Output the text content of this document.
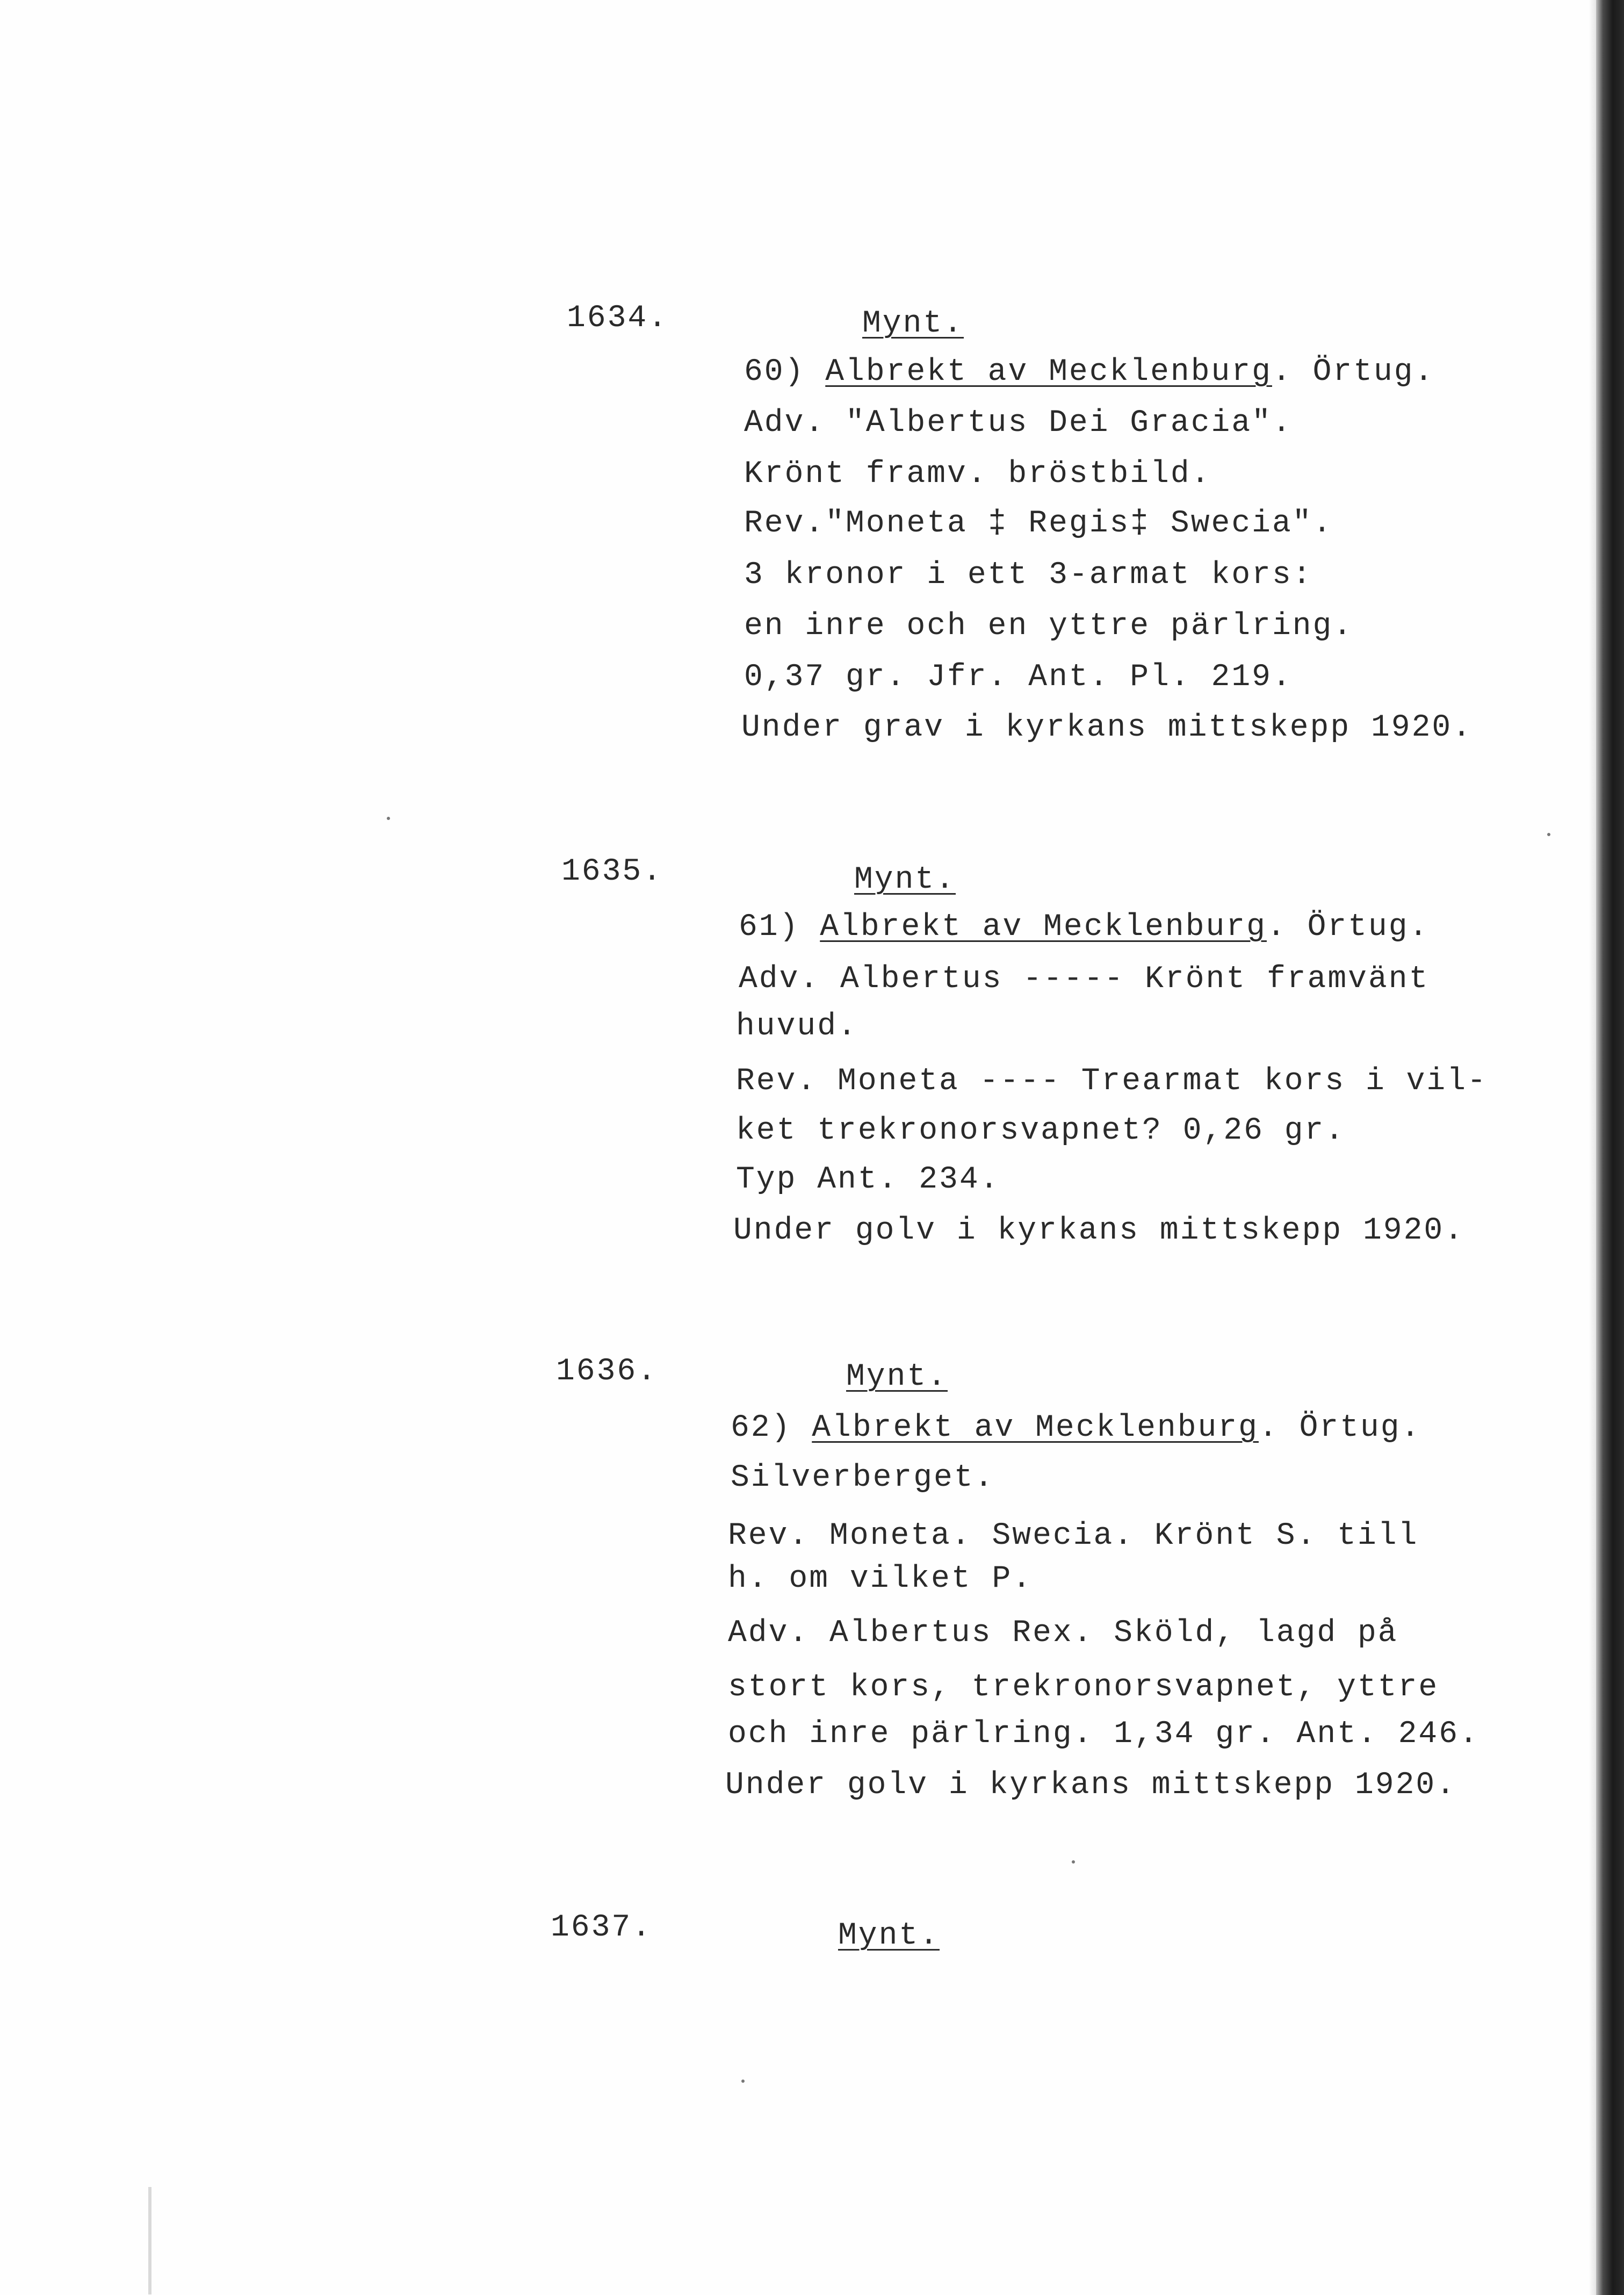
1634.	Mynt.
60) Albrekt av Mecklenburg. Örtug.
Adv. "Albertus Dei Gracia".
Krönt framv. bröstbild.
Rev."Moneta ‡ Regis‡ Swecia".
3 kronor i ett 3-armat kors:
en inre och en yttre pärlring.
0,37 gr. Jfr. Ant. Pl. 219.
Under grav i kyrkans mittskepp 1920.
1635.	Mynt.
61) Albrekt av Mecklenburg. Örtug.
Adv. Albertus ----- Krönt framvänt
huvud.
Rev. Moneta ---- Trearmat kors i vil-
ket trekronorsvapnet? 0,26 gr.
Typ Ant. 234.
Under golv i kyrkans mittskepp 1920.
1636.	Mynt.
62) Albrekt av Mecklenburg. Örtug.
Silverberget.
Rev. Moneta. Swecia. Krönt S. till
h. om vilket P.
Adv. Albertus Rex. Sköld, lagd på
stort kors, trekronorsvapnet, yttre
och inre pärlring. 1,34 gr. Ant. 246.
Under golv i kyrkans mittskepp 1920.
1637.	Mynt.
